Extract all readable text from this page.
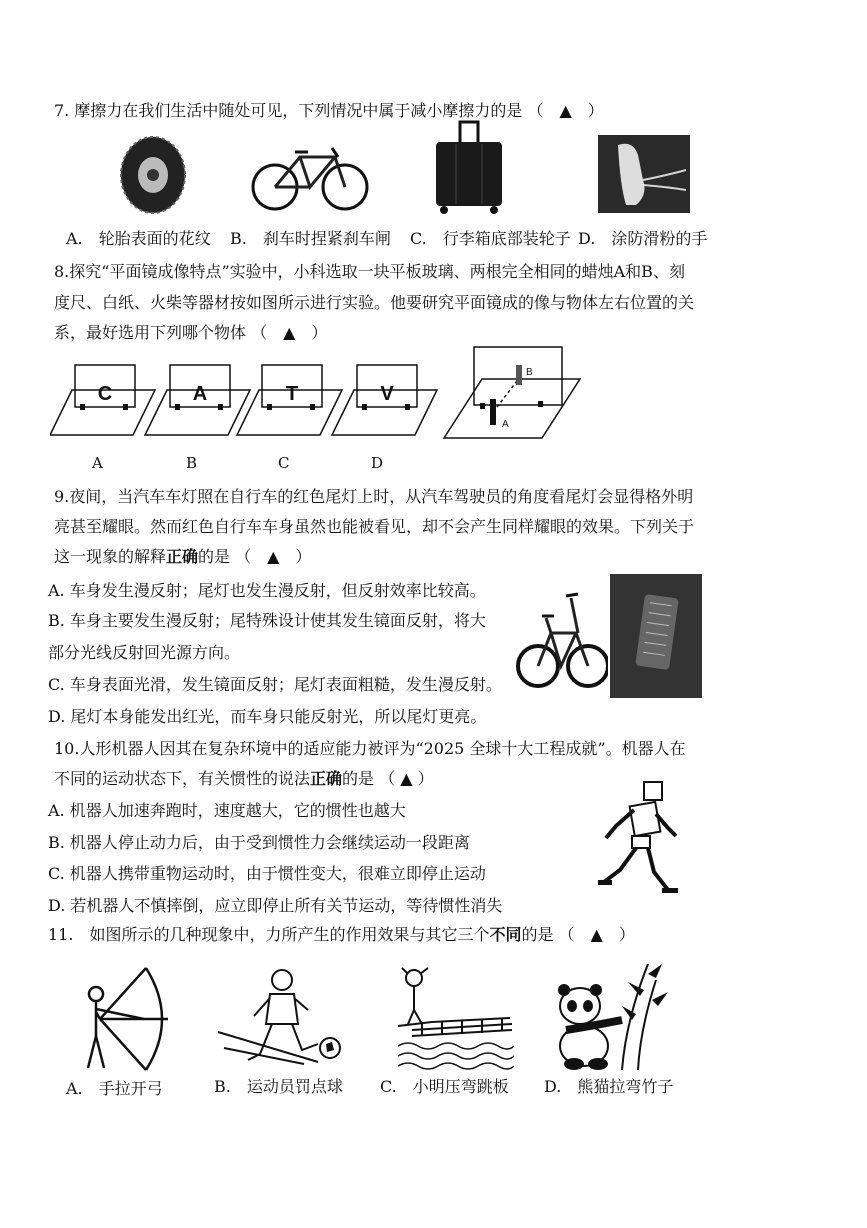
7. 摩擦力在我们生活中随处可见，下列情况中属于减小摩擦力的是 （　▲　）
A.　轮胎表面的花纹 B.　刹车时捏紧刹车闸 C.　行李箱底部装轮子 D.　涂防滑粉的手
8.探究“平面镜成像特点”实验中，小科选取一块平板玻璃、两根完全相同的蜡烛A和B、刻
度尺、白纸、火柴等器材按如图所示进行实验。他要研究平面镜成的像与物体左右位置的关
系，最好选用下列哪个物体 （　▲　）
C	A	T	V
A
B
A	B	C	D
9.夜间，当汽车车灯照在自行车的红色尾灯上时，从汽车驾驶员的角度看尾灯会显得格外明
亮甚至耀眼。然而红色自行车车身虽然也能被看见，却不会产生同样耀眼的效果。下列关于
这一现象的解释正确的是 （　▲　）
A. 车身发生漫反射；尾灯也发生漫反射，但反射效率比较高。
B. 车身主要发生漫反射；尾特殊设计使其发生镜面反射，将大
部分光线反射回光源方向。
C. 车身表面光滑，发生镜面反射；尾灯表面粗糙，发生漫反射。
D. 尾灯本身能发出红光，而车身只能反射光，所以尾灯更亮。
10.人形机器人因其在复杂环境中的适应能力被评为“2025 全球十大工程成就”。机器人在
不同的运动状态下，有关惯性的说法正确的是 （ ▲ ）
A. 机器人加速奔跑时，速度越大，它的惯性也越大
B. 机器人停止动力后，由于受到惯性力会继续运动一段距离
C. 机器人携带重物运动时，由于惯性变大，很难立即停止运动
D. 若机器人不慎摔倒，应立即停止所有关节运动，等待惯性消失
11.　如图所示的几种现象中，力所产生的作用效果与其它三个不同的是 （　▲　）
A.　手拉开弓	B.　运动员罚点球 C.　小明压弯跳板 D.　熊猫拉弯竹子
